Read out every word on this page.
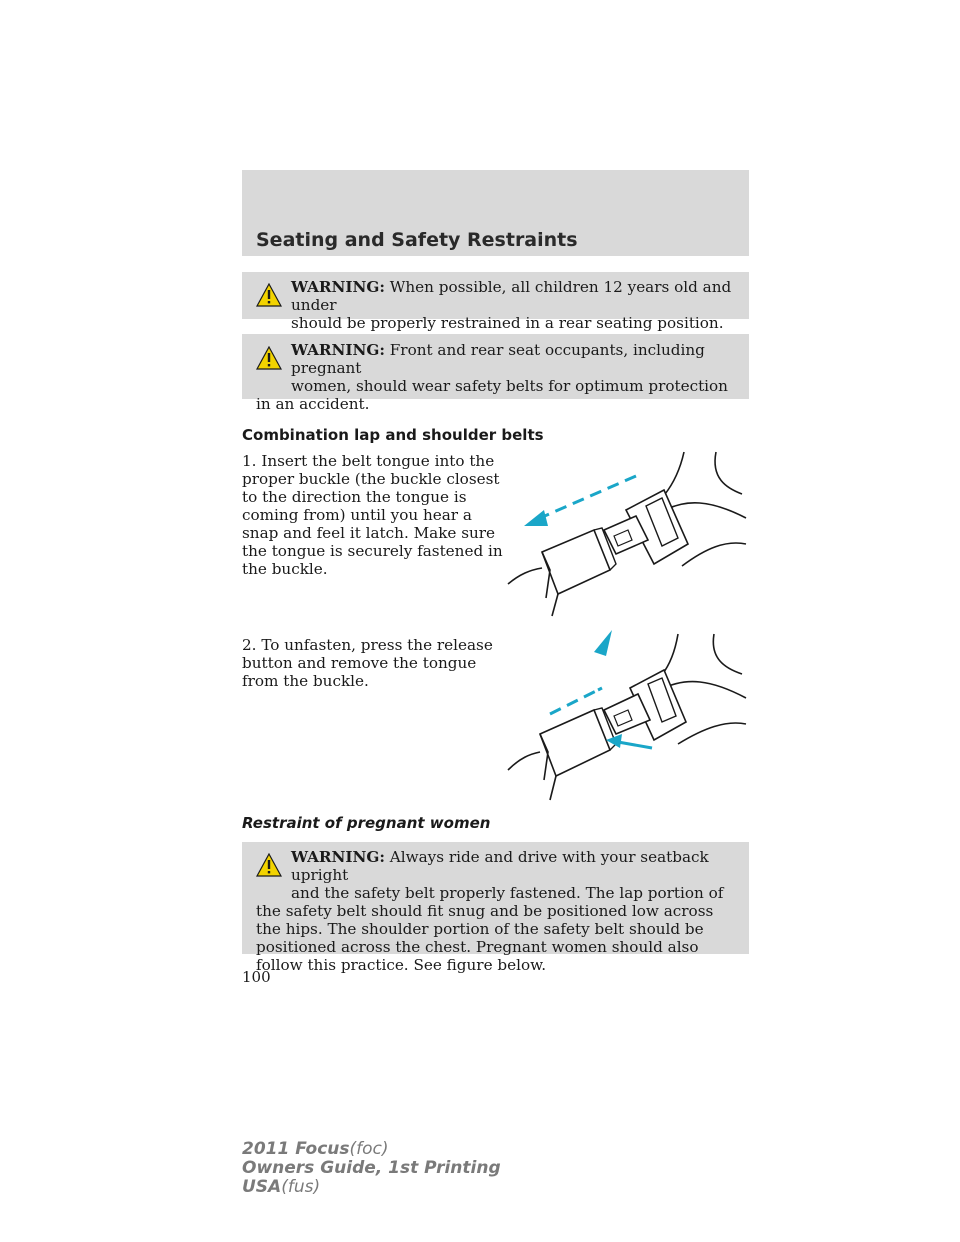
Seating and Safety Restraints
WARNING: When possible, all children 12 years old and under
should be properly restrained in a rear seating position.
WARNING: Front and rear seat occupants, including pregnant
women, should wear safety belts for optimum protection in an accident.
Combination lap and shoulder belts
1. Insert the belt tongue into the proper buckle (the buckle closest to the direction the tongue is coming from) until you hear a snap and feel it latch. Make sure the tongue is securely fastened in the buckle.
2. To unfasten, press the release button and remove the tongue from the buckle.
Restraint of pregnant women
WARNING: Always ride and drive with your seatback upright
and the safety belt properly fastened. The lap portion of the safety belt should fit snug and be positioned low across the hips. The shoulder portion of the safety belt should be positioned across the chest. Pregnant women should also follow this practice. See figure below.
100
2011 Focus(foc)
Owners Guide, 1st Printing
USA(fus)
